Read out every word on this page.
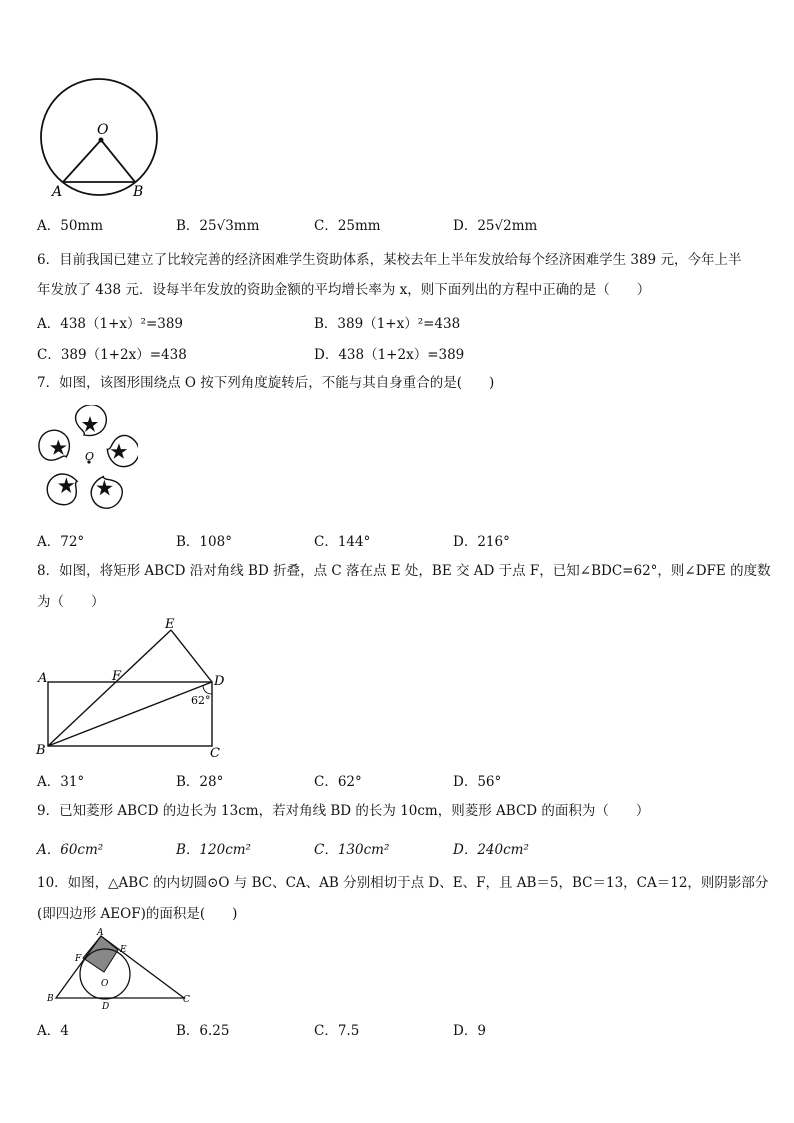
O
A	B
A．50mm	B．25√3mm	C．25mm	D．25√2mm
6．目前我国已建立了比较完善的经济困难学生资助体系，某校去年上半年发放给每个经济困难学生 389 元，今年上半
年发放了 438 元．设每半年发放的资助金额的平均增长率为 x，则下面列出的方程中正确的是（　　）
A．438（1+x）²=389	B．389（1+x）²=438
C．389（1+2x）=438	D．438（1+2x）=389
7．如图，该图形围绕点 O 按下列角度旋转后，不能与其自身重合的是(　　)
O
A．72°	B．108°	C．144°	D．216°
8．如图，将矩形 ABCD 沿对角线 BD 折叠，点 C 落在点 E 处，BE 交 AD 于点 F，已知∠BDC=62°，则∠DFE 的度数
为（　　）
A
B	C
D
E
F
62°
A．31°	B．28°	C．62°	D．56°
9．已知菱形 ABCD 的边长为 13cm，若对角线 BD 的长为 10cm，则菱形 ABCD 的面积为（　　）
A．60cm²	B．120cm²	C．130cm²	D．240cm²
10．如图，△ABC 的内切圆⊙O 与 BC、CA、AB 分别相切于点 D、E、F，且 AB＝5，BC＝13，CA＝12，则阴影部分
(即四边形 AEOF)的面积是(　　)
A
B	C
D
E
F
O
A．4	B．6.25	C．7.5	D．9
